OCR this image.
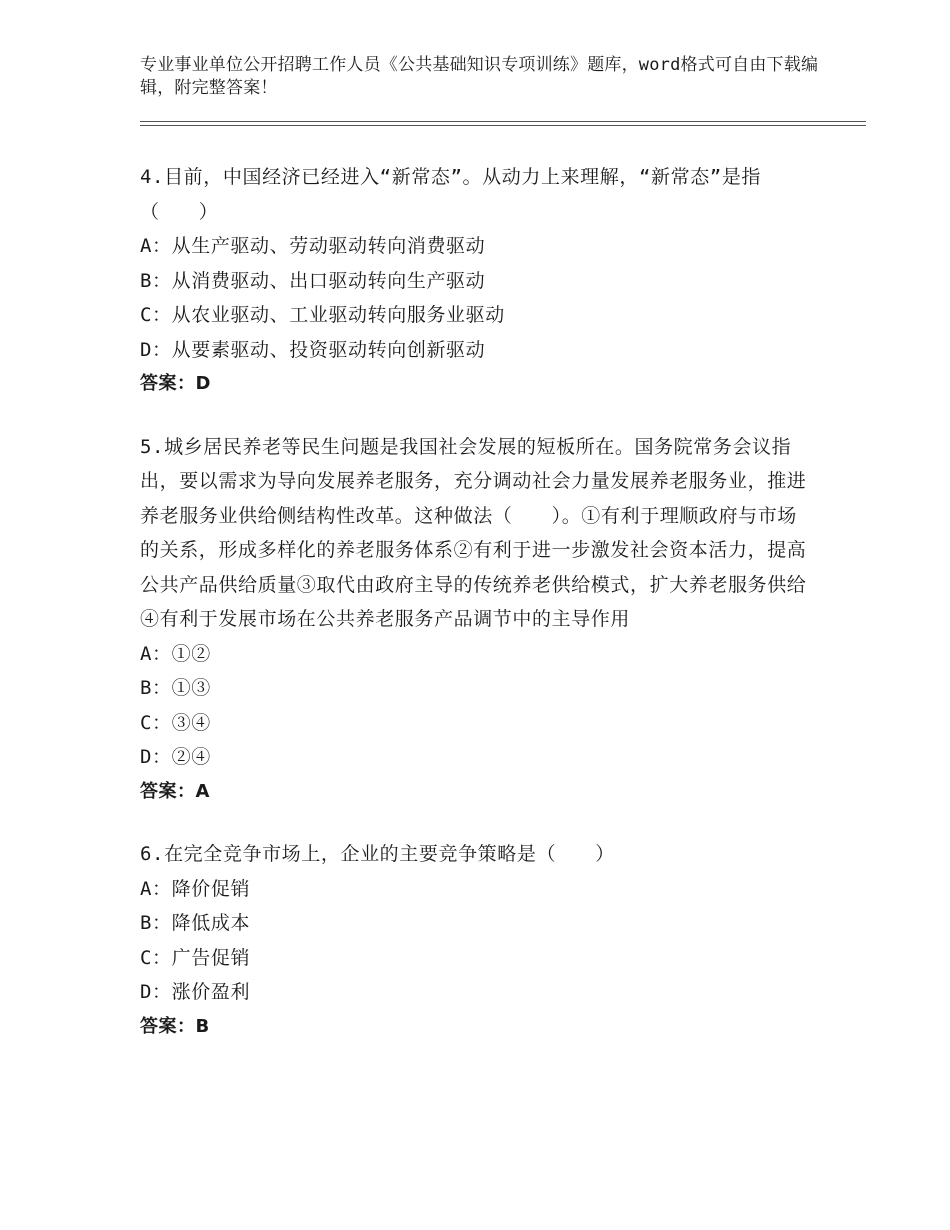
专业事业单位公开招聘工作人员《公共基础知识专项训练》题库，word格式可自由下载编辑，附完整答案！
4.目前，中国经济已经进入“新常态”。从动力上来理解，“新常态”是指（　　）
A：从生产驱动、劳动驱动转向消费驱动
B：从消费驱动、出口驱动转向生产驱动
C：从农业驱动、工业驱动转向服务业驱动
D：从要素驱动、投资驱动转向创新驱动
答案：D
5.城乡居民养老等民生问题是我国社会发展的短板所在。国务院常务会议指出，要以需求为导向发展养老服务，充分调动社会力量发展养老服务业，推进养老服务业供给侧结构性改革。这种做法（　　）。①有利于理顺政府与市场的关系，形成多样化的养老服务体系②有利于进一步激发社会资本活力，提高公共产品供给质量③取代由政府主导的传统养老供给模式，扩大养老服务供给④有利于发展市场在公共养老服务产品调节中的主导作用
A：①②
B：①③
C：③④
D：②④
答案：A
6.在完全竞争市场上，企业的主要竞争策略是（　　）
A：降价促销
B：降低成本
C：广告促销
D：涨价盈利
答案：B
